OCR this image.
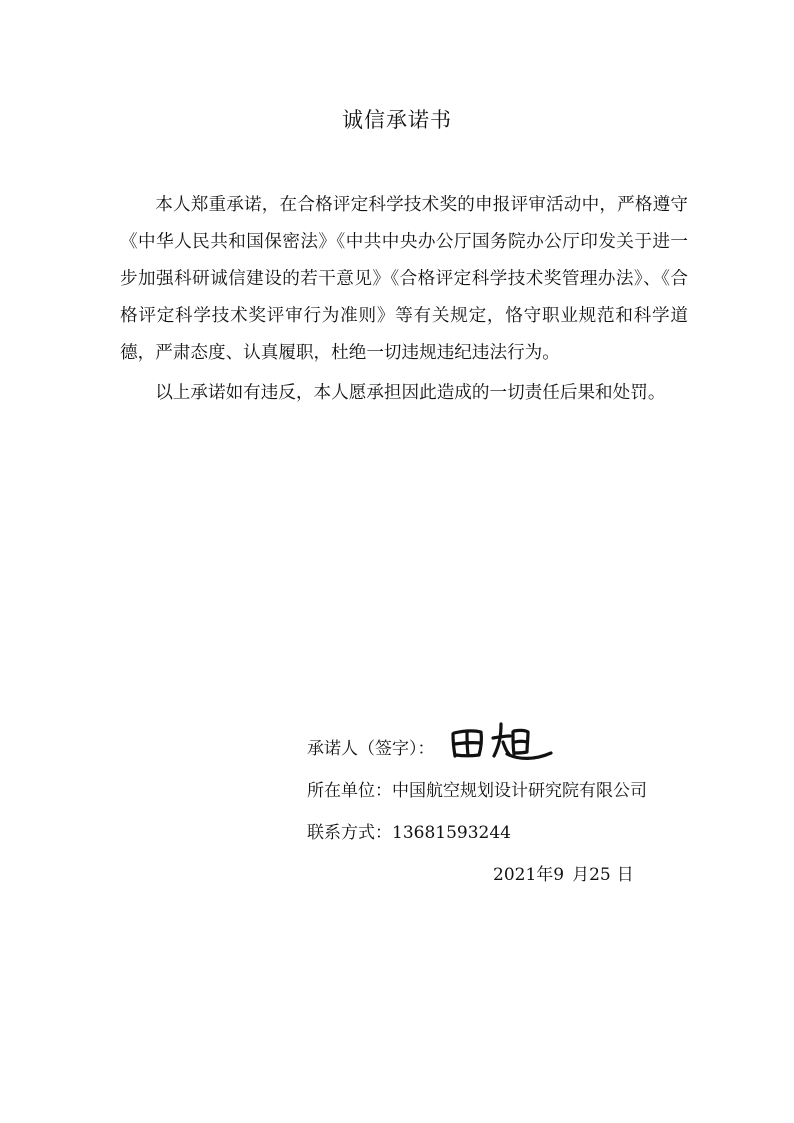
诚信承诺书

本人郑重承诺，在合格评定科学技术奖的申报评审活动中，严格遵守《中华人民共和国保密法》《中共中央办公厅国务院办公厅印发关于进一步加强科研诚信建设的若干意见》《合格评定科学技术奖管理办法》、《合格评定科学技术奖评审行为准则》等有关规定，恪守职业规范和科学道德，严肃态度、认真履职，杜绝一切违规违纪违法行为。

以上承诺如有违反，本人愿承担因此造成的一切责任后果和处罚。

承诺人（签字）：
所在单位：中国航空规划设计研究院有限公司
联系方式：13681593244
2021年9 月25 日
